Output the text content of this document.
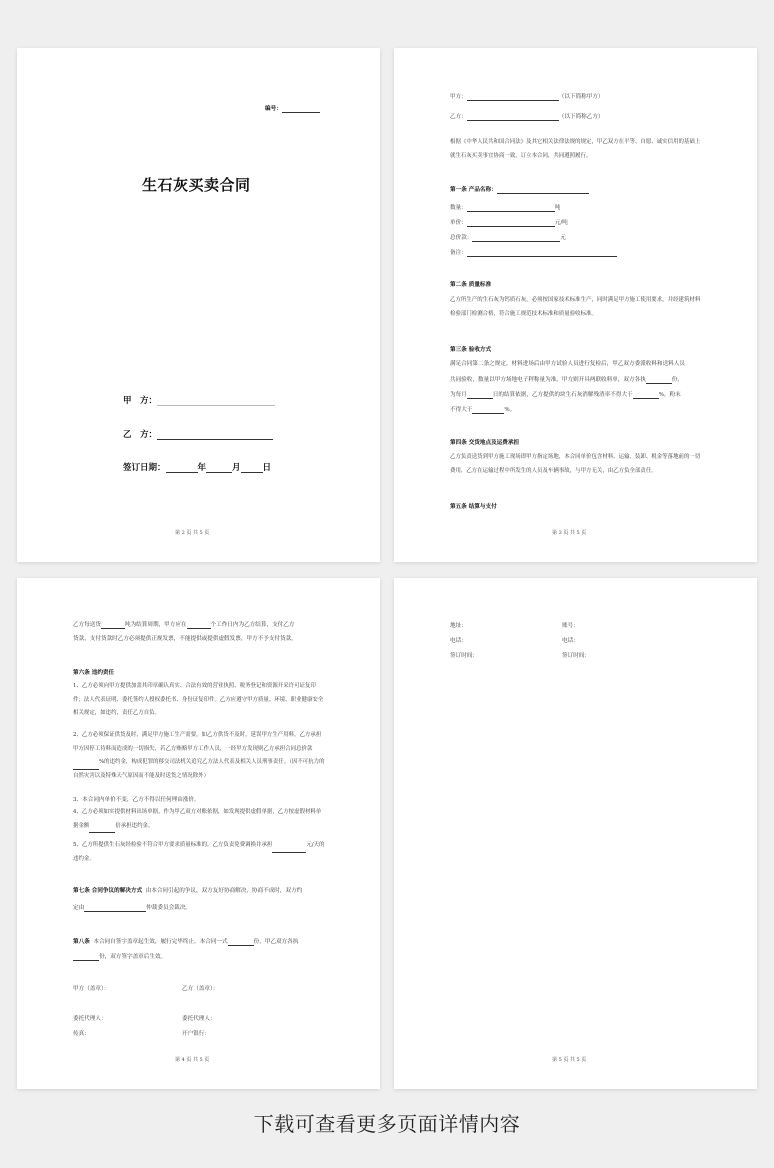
编号：
生石灰买卖合同
甲　方：
乙　方：
签订日期：	年	月	日
第 2 页 共 5 页
甲方：	（以下简称甲方）
乙方：	（以下简称乙方）
根据《中华人民共和国合同法》及其它相关法律法规的规定，甲乙双方在平等、自愿、诚实信用的基础上就生石灰买卖事宜协商一致，订立本合同，共同遵照履行。
第一条 产品名称：
数量：	吨
单价：	元/吨
总价款：	元
备注：
第二条 质量标准
乙方所生产的生石灰为钙质石灰，必须按国家技术标准生产，同时满足甲方施工使用要求，并经建筑材料检验部门检测合格，符合施工规范技术标准和质量验收标准。
第三条 验收方式
满足合同第二条之规定，材料进场后由甲方试验人员进行复检后，甲乙双方委派收料和送料人员
共同验收，数量以甲方场地电子秤称量为准，甲方则开具两联收料单，双方各执	份，
为每月	日的结算依据，乙方提供的块生石灰消解残渣率不得大于	%，粉末
不得大于	%。
第四条 交货地点及运费承担
乙方负责送货到甲方施工现场即甲方指定场地，本合同单价包含材料、运输、装卸、税金等落地前的一切费用，乙方在运输过程中所发生的人员及车辆事故，与甲方无关，由乙方负全部责任。
第五条 结算与支付
第 3 页 共 5 页
乙方每送货	吨为结算周期，甲方应在	个工作日内为乙方结算，支付乙方
货款，支付货款时乙方必须提供正规发票，不能提供或提供虚假发票，甲方不予支付货款。
第六条 违约责任
1、乙方必须向甲方提供加盖其印章确认真实、合法有效的营业执照、税务登记和资源开采许可证复印件；法人代表证明、委托签约人授权委托书、身份证复印件。乙方应遵守甲方质量、环境、职业健康安全相关规定，如违约，责任乙方自负。
2、乙方必须保证供货及时，满足甲方施工生产需要，如乙方供货不及时，延误甲方生产用料，乙方承担甲方因停工待料而造成的一切损失，若乙方贿赂甲方工作人员，一经甲方发现则乙方承担合同总价款%的违约金，构成犯罪的移交司法机关追究乙方法人代表及相关人员刑事责任。（因不可抗力的自然灾害以及特殊天气原因而不能及时送货之情况除外）
3、本合同内单价不变，乙方不得以任何理由涨价。
4、乙方必须如实提供材料出场单据，作为甲乙双方对账依据，如发现提供虚假单据，乙方按虚假材料单据金额	倍承担违约金。
5、乙方所提供生石灰经检验不符合甲方要求质量标准的，乙方负责免费调换并承担	元/天的违约金。
第七条 合同争议的解决方式 由本合同引起的争议，双方友好协商解决，协商不成时，双方约
定由	仲裁委员会裁决。
第八条 本合同自签字盖章起生效，履行完毕终止。本合同一式	份，甲乙双方各执
份，双方签字盖章后生效。
甲方（盖章）：	乙方（盖章）：
委托代理人：	委托代理人：
传真：	开户银行：
第 4 页 共 5 页
地址：	账号：
电话：	电话：
签订时间：	签订时间：
第 5 页 共 5 页
下载可查看更多页面详情内容
